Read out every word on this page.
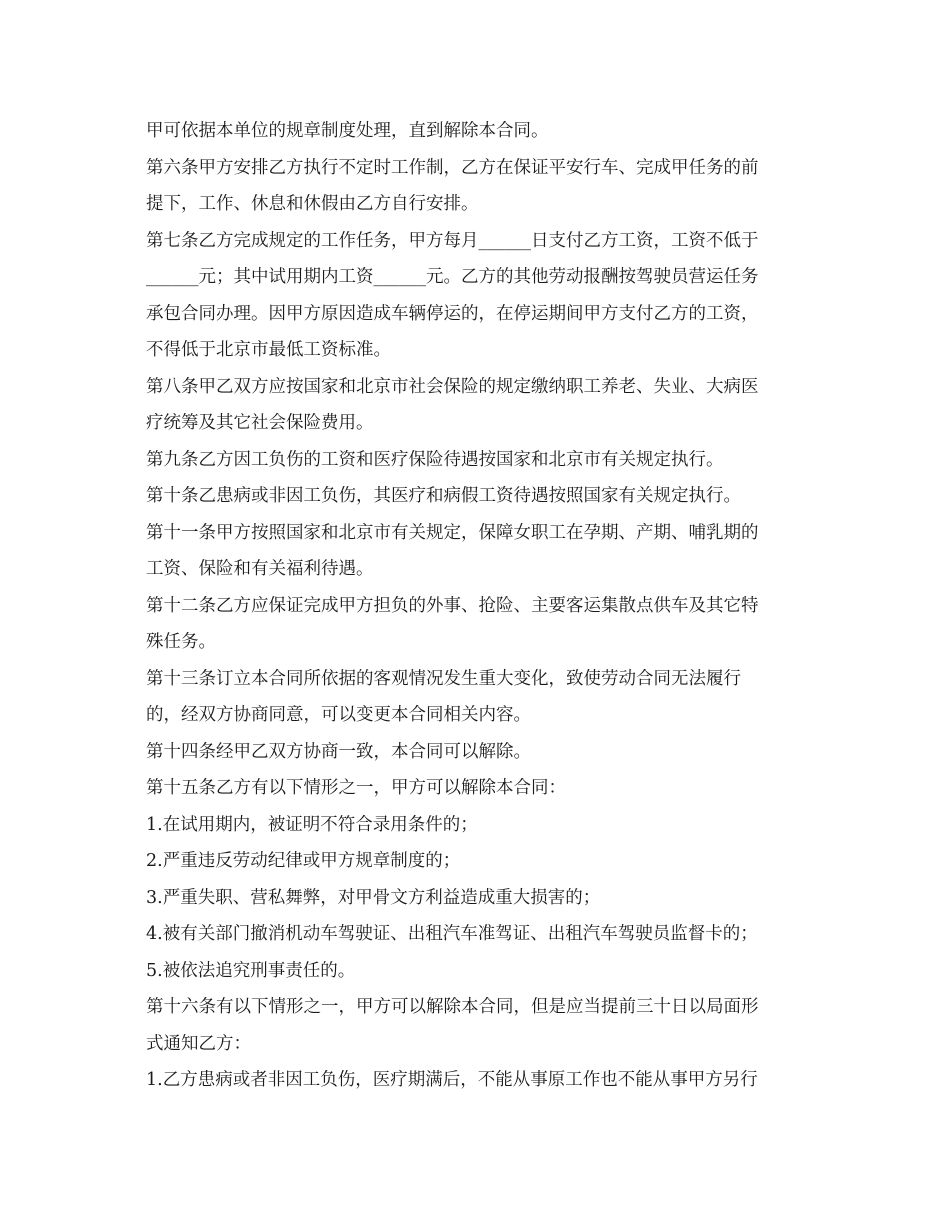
甲可依据本单位的规章制度处理，直到解除本合同。
第六条甲方安排乙方执行不定时工作制，乙方在保证平安行车、完成甲任务的前
提下，工作、休息和休假由乙方自行安排。
第七条乙方完成规定的工作任务，甲方每月______日支付乙方工资，工资不低于
______元；其中试用期内工资______元。乙方的其他劳动报酬按驾驶员营运任务
承包合同办理。因甲方原因造成车辆停运的，在停运期间甲方支付乙方的工资，
不得低于北京市最低工资标准。
第八条甲乙双方应按国家和北京市社会保险的规定缴纳职工养老、失业、大病医
疗统筹及其它社会保险费用。
第九条乙方因工负伤的工资和医疗保险待遇按国家和北京市有关规定执行。
第十条乙患病或非因工负伤，其医疗和病假工资待遇按照国家有关规定执行。
第十一条甲方按照国家和北京市有关规定，保障女职工在孕期、产期、哺乳期的
工资、保险和有关福利待遇。
第十二条乙方应保证完成甲方担负的外事、抢险、主要客运集散点供车及其它特
殊任务。
第十三条订立本合同所依据的客观情况发生重大变化，致使劳动合同无法履行
的，经双方协商同意，可以变更本合同相关内容。
第十四条经甲乙双方协商一致，本合同可以解除。
第十五条乙方有以下情形之一，甲方可以解除本合同：
1.在试用期内，被证明不符合录用条件的；
2.严重违反劳动纪律或甲方规章制度的；
3.严重失职、营私舞弊，对甲骨文方利益造成重大损害的；
4.被有关部门撤消机动车驾驶证、出租汽车准驾证、出租汽车驾驶员监督卡的；
5.被依法追究刑事责任的。
第十六条有以下情形之一，甲方可以解除本合同，但是应当提前三十日以局面形
式通知乙方：
1.乙方患病或者非因工负伤，医疗期满后，不能从事原工作也不能从事甲方另行
